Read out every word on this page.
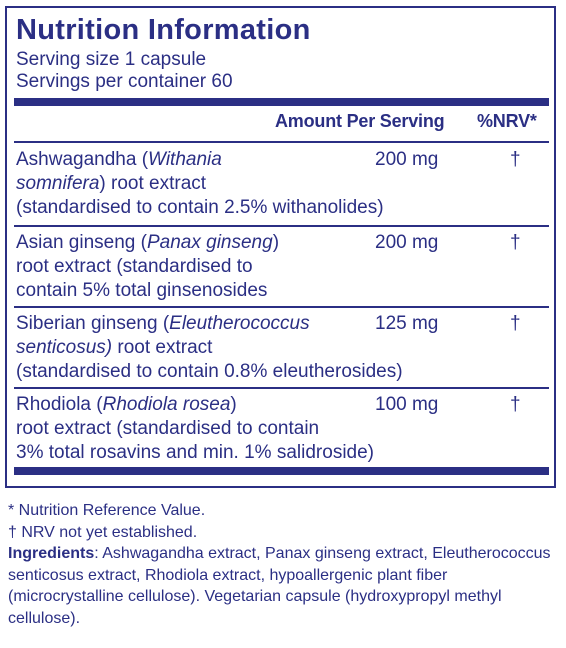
Nutrition Information
Serving size 1 capsule
Servings per container 60
Amount Per Serving %NRV*
Ashwagandha (Withania
somnifera) root extract
(standardised to contain 2.5% withanolides)
200 mg	†
Asian ginseng (Panax ginseng)
root extract (standardised to
contain 5% total ginsenosides
200 mg	†
Siberian ginseng (Eleutherococcus
senticosus) root extract
(standardised to contain 0.8% eleutherosides)
125 mg	†
Rhodiola (Rhodiola rosea)
root extract (standardised to contain
3% total rosavins and min. 1% salidroside)
100 mg	†
* Nutrition Reference Value.
† NRV not yet established.
Ingredients: Ashwagandha extract, Panax ginseng extract, Eleutherococcus senticosus extract, Rhodiola extract, hypoallergenic plant fiber (microcrystalline cellulose). Vegetarian capsule (hydroxypropyl methyl cellulose).
